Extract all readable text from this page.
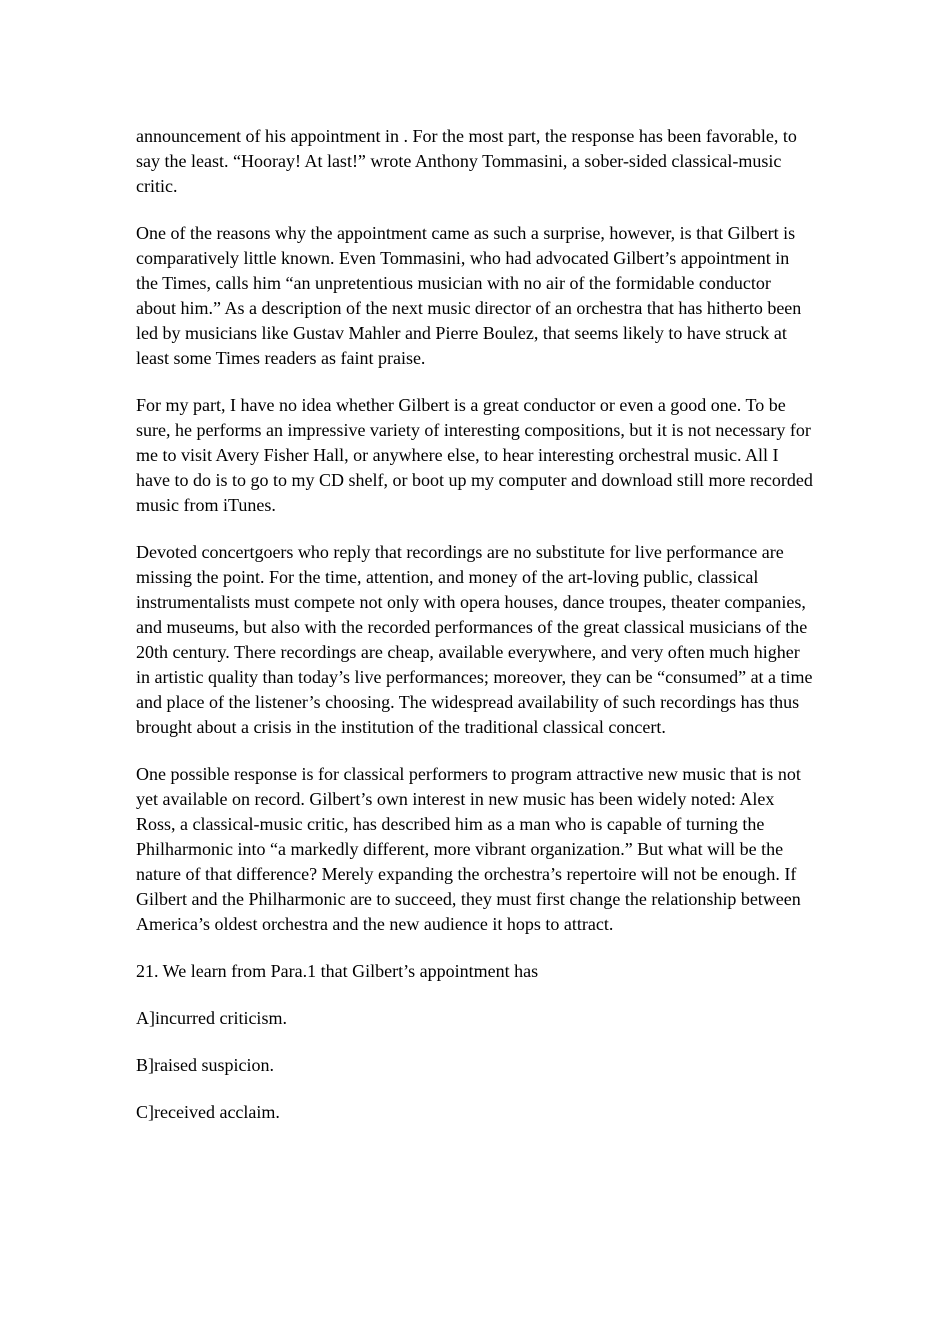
announcement of his appointment in . For the most part, the response has been favorable, to say the least. “Hooray! At last!” wrote Anthony Tommasini, a sober-sided classical-music critic.

One of the reasons why the appointment came as such a surprise, however, is that Gilbert is comparatively little known. Even Tommasini, who had advocated Gilbert’s appointment in the Times, calls him “an unpretentious musician with no air of the formidable conductor about him.” As a description of the next music director of an orchestra that has hitherto been led by musicians like Gustav Mahler and Pierre Boulez, that seems likely to have struck at least some Times readers as faint praise.

For my part, I have no idea whether Gilbert is a great conductor or even a good one. To be sure, he performs an impressive variety of interesting compositions, but it is not necessary for me to visit Avery Fisher Hall, or anywhere else, to hear interesting orchestral music. All I have to do is to go to my CD shelf, or boot up my computer and download still more recorded music from iTunes.

Devoted concertgoers who reply that recordings are no substitute for live performance are missing the point. For the time, attention, and money of the art-loving public, classical instrumentalists must compete not only with opera houses, dance troupes, theater companies, and museums, but also with the recorded performances of the great classical musicians of the 20th century. There recordings are cheap, available everywhere, and very often much higher in artistic quality than today’s live performances; moreover, they can be “consumed” at a time and place of the listener’s choosing. The widespread availability of such recordings has thus brought about a crisis in the institution of the traditional classical concert.

One possible response is for classical performers to program attractive new music that is not yet available on record. Gilbert’s own interest in new music has been widely noted: Alex Ross, a classical-music critic, has described him as a man who is capable of turning the Philharmonic into “a markedly different, more vibrant organization.” But what will be the nature of that difference? Merely expanding the orchestra’s repertoire will not be enough. If Gilbert and the Philharmonic are to succeed, they must first change the relationship between America’s oldest orchestra and the new audience it hops to attract.

21. We learn from Para.1 that Gilbert’s appointment has

A]incurred criticism.

B]raised suspicion.

C]received acclaim.
